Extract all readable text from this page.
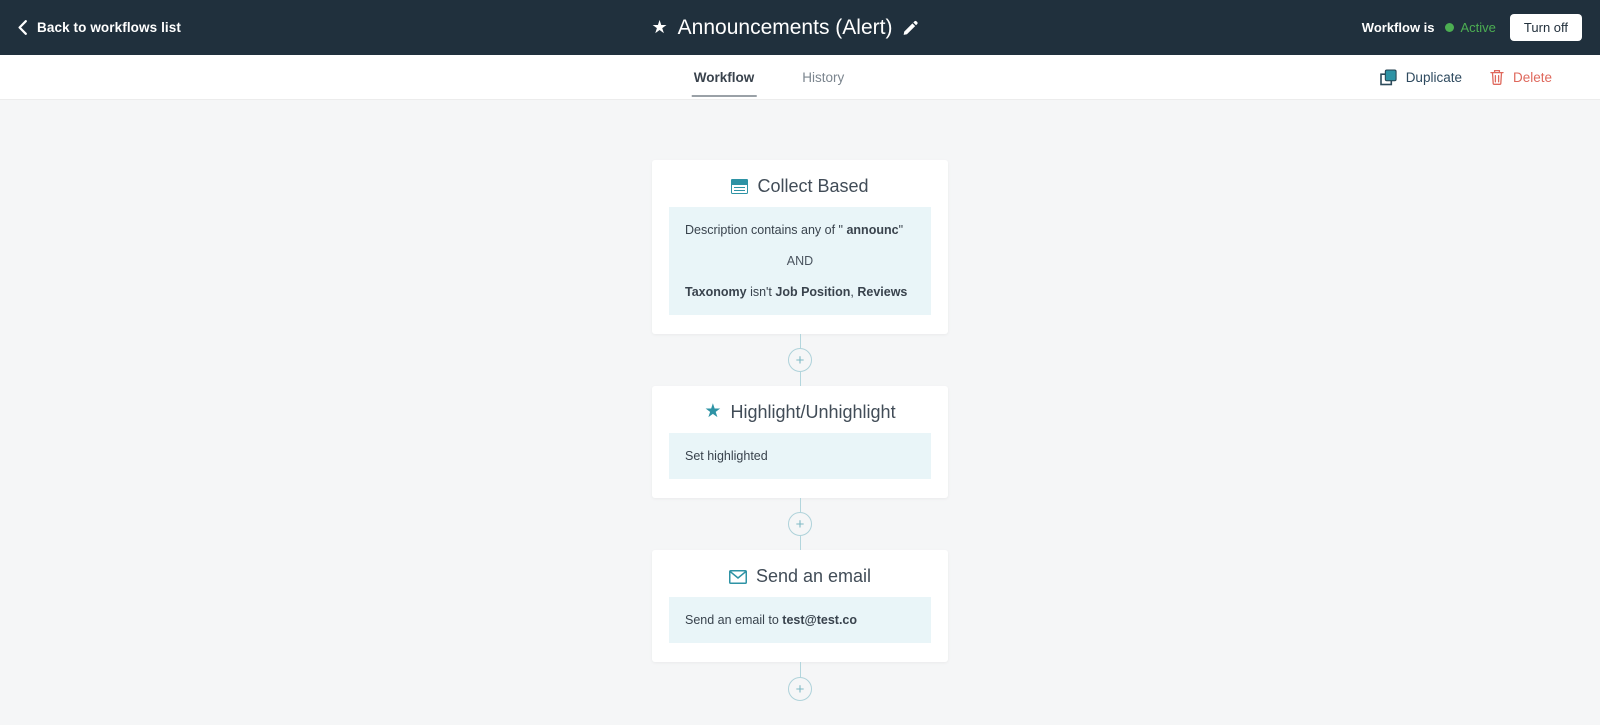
Back to workflows list	★ Announcements (Alert)	Workflow is Active	Turn off
Workflow	History	Duplicate	Delete
Collect Based
Description contains any of " announc"
AND
Taxonomy isn't Job Position, Reviews
+
★ Highlight/Unhighlight
Set highlighted
+
Send an email
Send an email to test@test.co
+
